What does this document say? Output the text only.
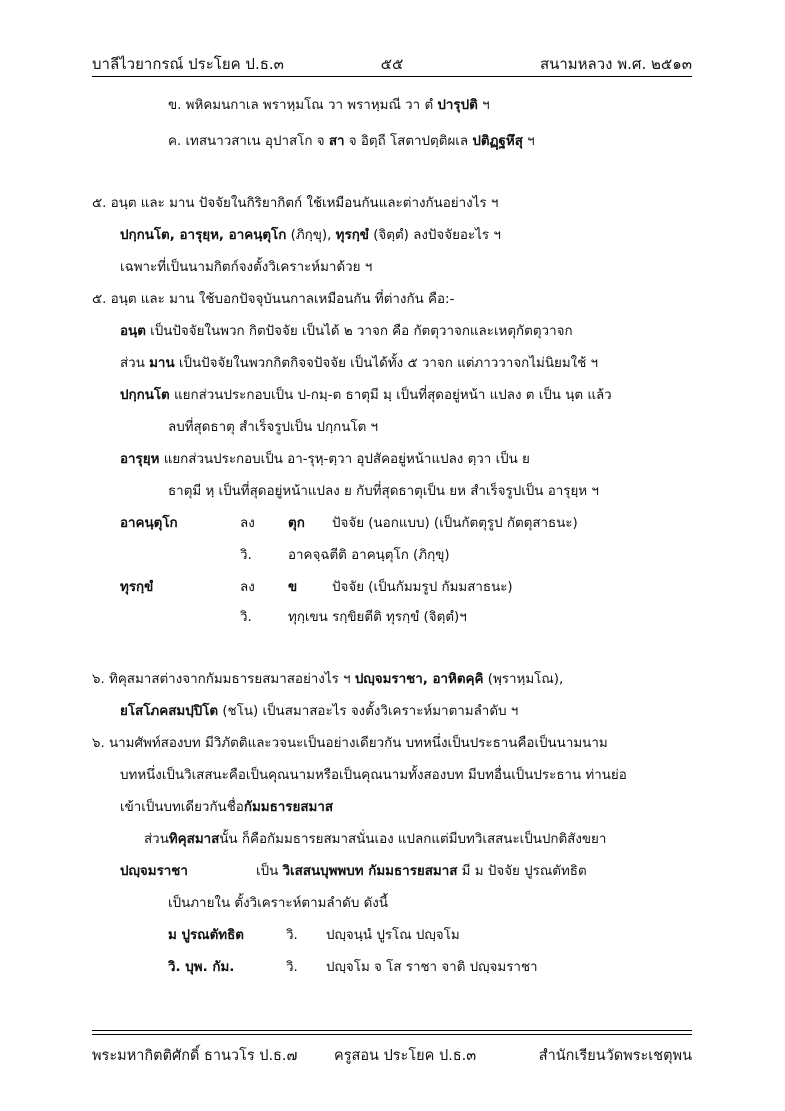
บาลีไวยากรณ์ ประโยค ป.ธ.๓	๕๕	สนามหลวง พ.ศ. ๒๕๑๓
ข. พหิคมนกาเล พราหฺมโณ วา พราหฺมณี วา ตํ ปารุปติ ฯ
ค. เทสนาวสาเน อุปาสโก จ สา จ อิตฺถี โสตาปตฺติผเล ปติฏฺฐหึสุ ฯ
๕. อนฺต และ มาน ปัจจัยในกิริยากิตก์ ใช้เหมือนกันและต่างกันอย่างไร ฯ
ปกฺกนโต, อารุยฺห, อาคนฺตุโก (ภิกฺขุ), ทุรกฺขํ (จิตฺตํ) ลงปัจจัยอะไร ฯ
เฉพาะที่เป็นนามกิตก์จงตั้งวิเคราะห์มาด้วย ฯ
๕. อนฺต และ มาน ใช้บอกปัจจุบันนกาลเหมือนกัน ที่ต่างกัน คือ:-
อนฺต เป็นปัจจัยในพวก กิตปัจจัย เป็นได้ ๒ วาจก คือ กัตตุวาจกและเหตุกัตตุวาจก
ส่วน มาน เป็นปัจจัยในพวกกิตกิจจปัจจัย เป็นได้ทั้ง ๕ วาจก แต่ภาววาจกไม่นิยมใช้ ฯ
ปกฺกนโต แยกส่วนประกอบเป็น ป-กมฺ-ต ธาตุมี มฺ เป็นที่สุดอยู่หน้า แปลง ต เป็น นฺต แล้ว
ลบที่สุดธาตุ สำเร็จรูปเป็น ปกฺกนโต ฯ
อารุยฺห แยกส่วนประกอบเป็น อา-รุหฺ-ตฺวา อุปสัคอยู่หน้าแปลง ตฺวา เป็น ย
ธาตุมี หฺ เป็นที่สุดอยู่หน้าแปลง ย กับที่สุดธาตุเป็น ยห สำเร็จรูปเป็น อารุยฺห ฯ
อาคนฺตุโก	ลง ตุก ปัจจัย (นอกแบบ) (เป็นกัตตุรูป กัตตุสาธนะ)
วิ.	อาคจฺฉตีติ อาคนฺตุโก (ภิกฺขุ)
ทุรกฺขํ	ลง ข	ปัจจัย (เป็นกัมมรูป กัมมสาธนะ)
วิ.	ทุกฺเขน รกฺขิยตีติ ทุรกฺขํ (จิตฺตํ)ฯ
๖. ทิคุสมาสต่างจากกัมมธารยสมาสอย่างไร ฯ ปญฺจมราชา, อาหิตคฺคิ (พฺราหฺมโณ),
ยโสโภคสมปฺปิโต (ชโน) เป็นสมาสอะไร จงตั้งวิเคราะห์มาตามลำดับ ฯ
๖. นามศัพท์สองบท มีวิภัตติและวจนะเป็นอย่างเดียวกัน บทหนึ่งเป็นประธานคือเป็นนามนาม
บทหนึ่งเป็นวิเสสนะคือเป็นคุณนามหรือเป็นคุณนามทั้งสองบท มีบทอื่นเป็นประธาน ท่านย่อ
เข้าเป็นบทเดียวกันชื่อกัมมธารยสมาส
ส่วนทิคุสมาสนั้น ก็คือกัมมธารยสมาสนั่นเอง แปลกแต่มีบทวิเสสนะเป็นปกติสังขยา
ปญฺจมราชา	เป็น วิเสสนบุพพบท กัมมธารยสมาส มี ม ปัจจัย ปูรณตัทธิต
เป็นภายใน ตั้งวิเคราะห์ตามลำดับ ดังนี้
ม ปูรณตัทธิต	วิ. ปญฺจนฺนํ ปูรโณ ปญฺจโม
วิ. บุพ. กัม.	วิ. ปญฺจโม จ โส ราชา จาติ ปญฺจมราชา
พระมหากิตติศักดิ์ ธานวโร ป.ธ.๗	ครูสอน ประโยค ป.ธ.๓	สำนักเรียนวัดพระเชตุพน
